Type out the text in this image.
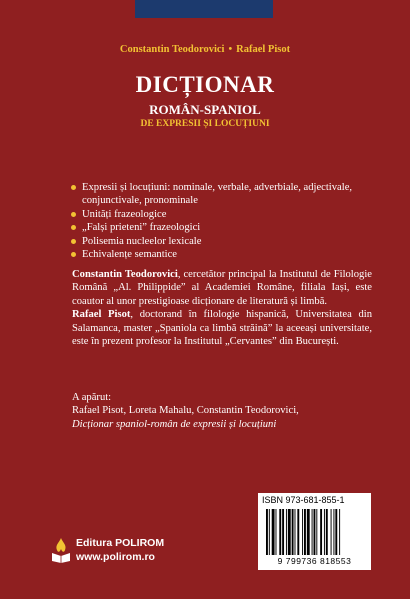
Constantin Teodorovici • Rafael Pisot
DICȚIONAR
ROMÂN-SPANIOL
DE EXPRESII ȘI LOCUȚIUNI
Expresii și locuțiuni: nominale, verbale, adverbiale, adjectivale, conjunctivale, pronominale
Unități frazeologice
„Falși prieteni” frazeologici
Polisemia nucleelor lexicale
Echivalențe semantice

Constantin Teodorovici, cercetător principal la Institutul de Filologie Română „Al. Philippide” al Academiei Române, filiala Iași, este coautor al unor prestigioase dicționare de literatură și limbă.

Rafael Pisot, doctorand în filologie hispanică, Universitatea din Salamanca, master „Spaniola ca limbă străină” la aceeași universitate, este în prezent profesor la Institutul „Cervantes” din București.

A apărut:

Rafael Pisot, Loreta Mahalu, Constantin Teodorovici,

Dicționar spaniol-român de expresii și locuțiuni

ISBN 973-681-855-1
9 799736 818553
Editura POLIROM
www.polirom.ro
